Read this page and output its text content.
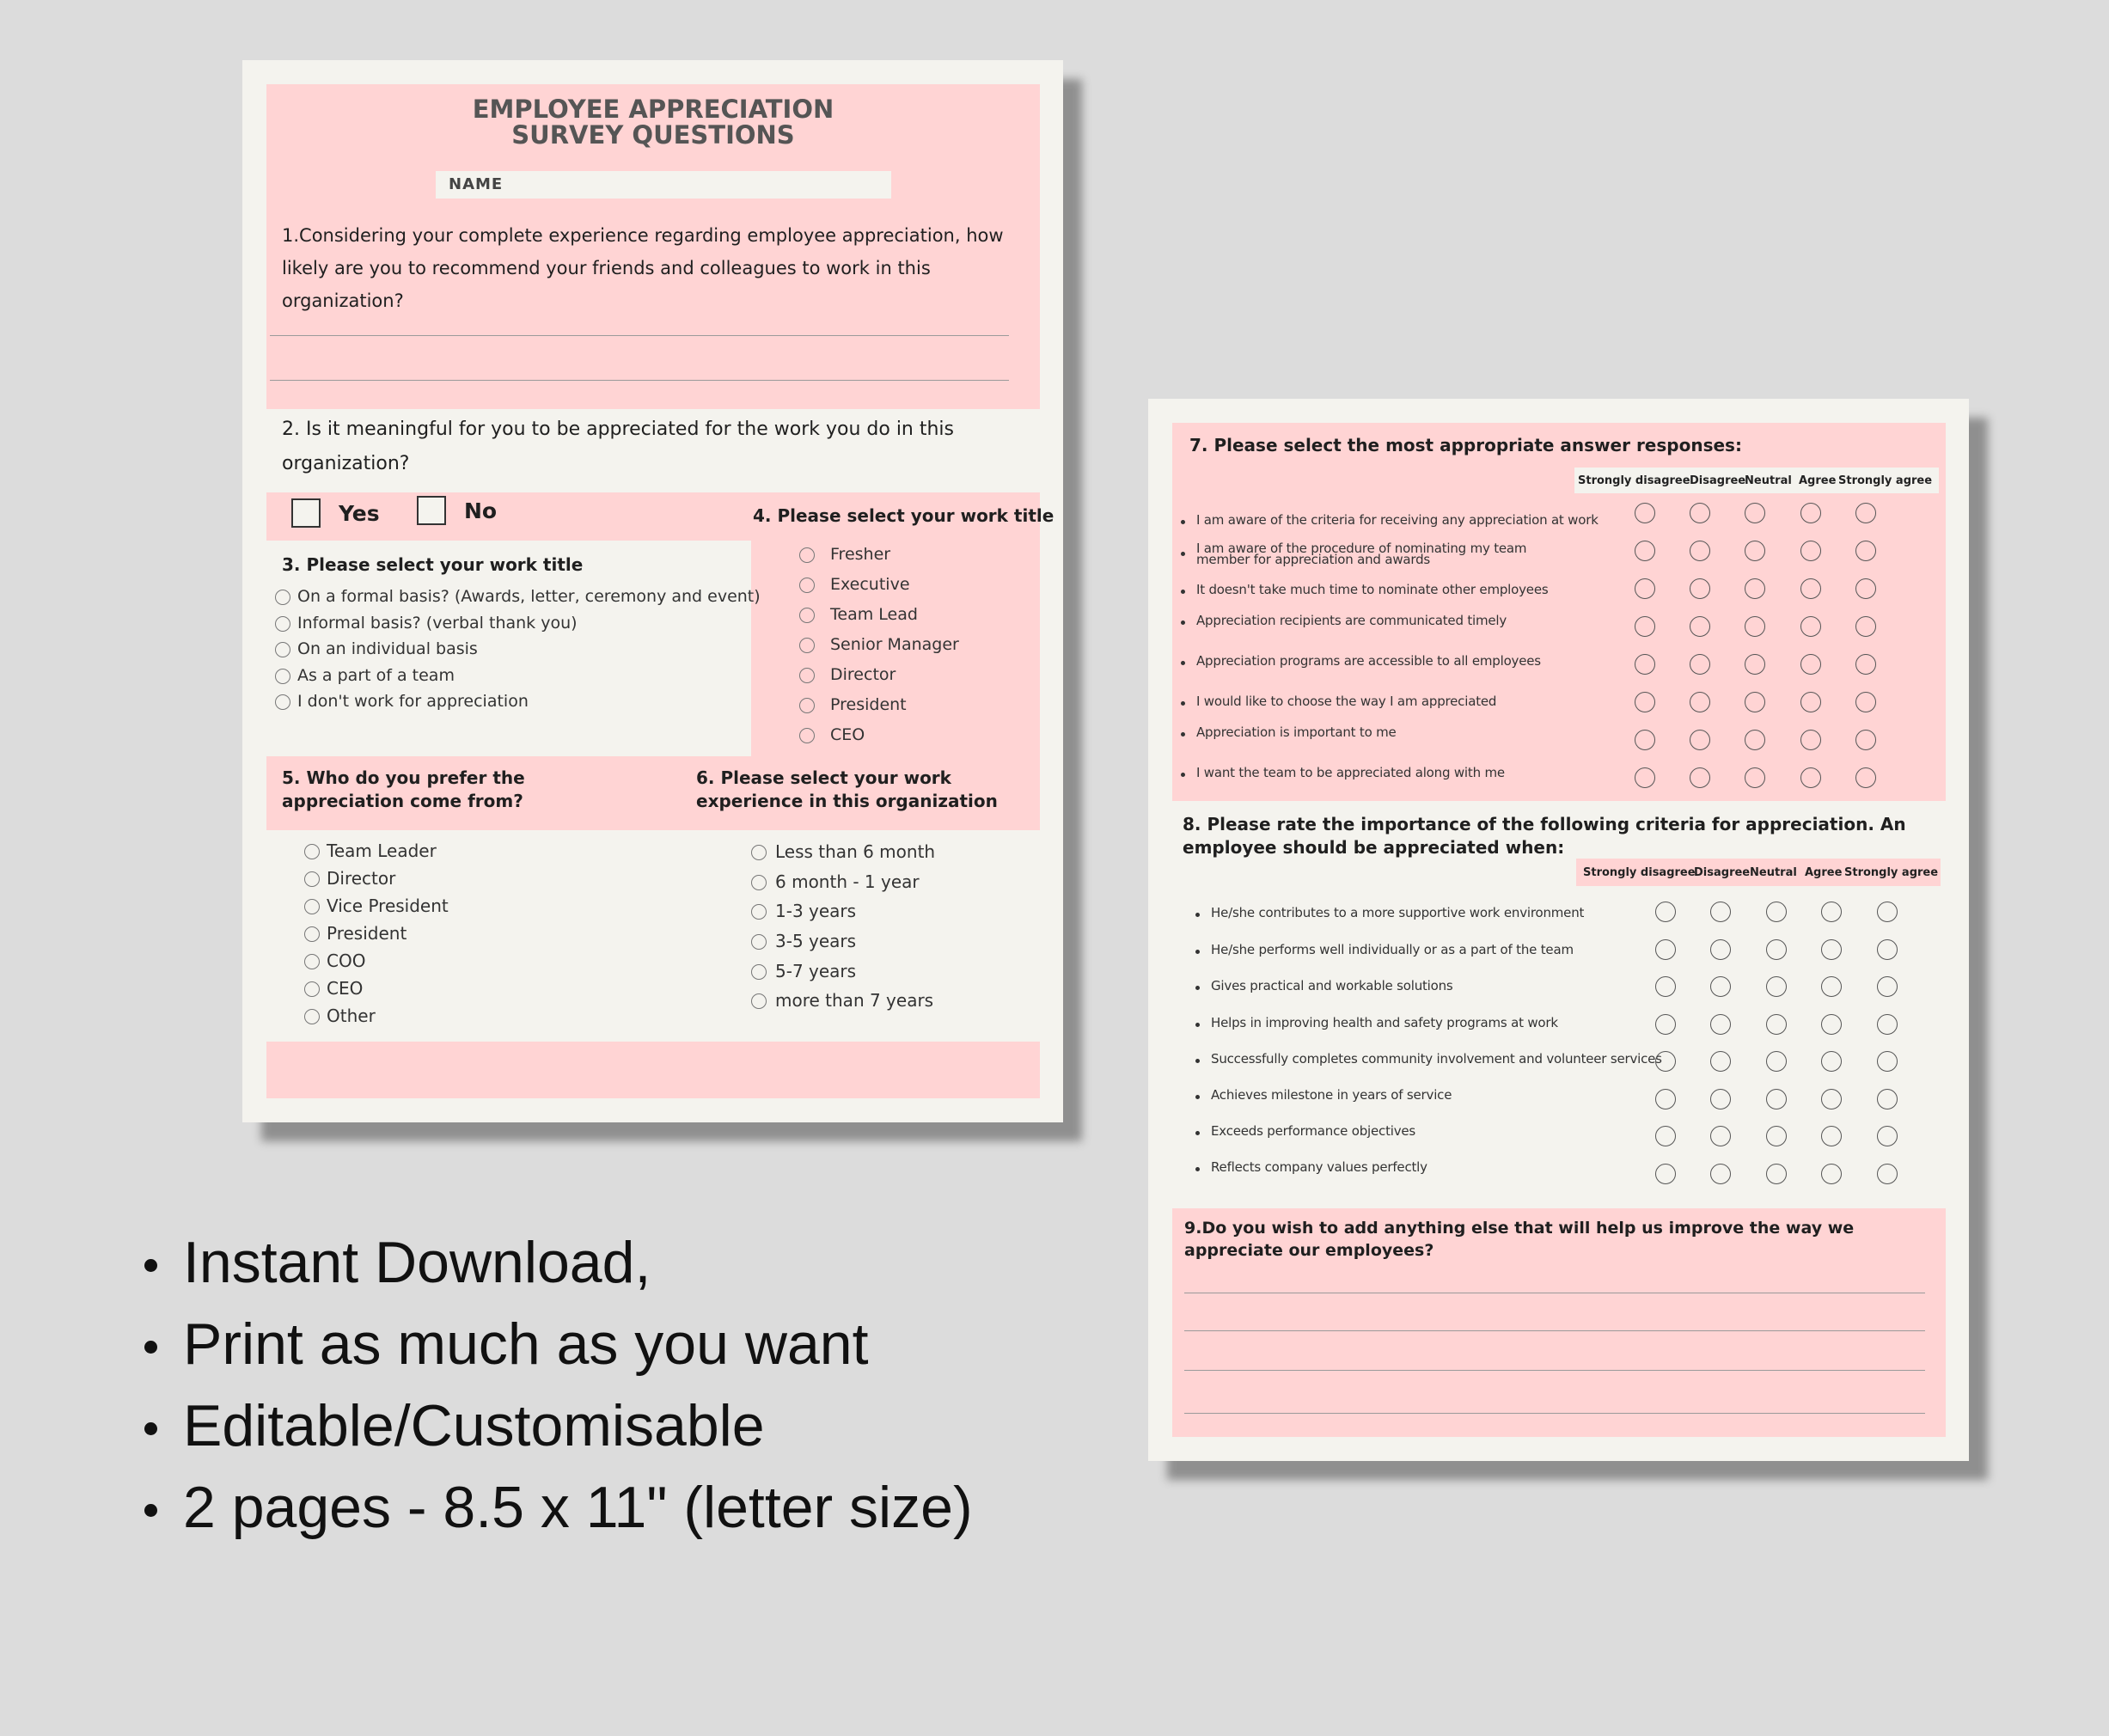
EMPLOYEE APPRECIATION
SURVEY QUESTIONS
NAME
1.Considering your complete experience regarding employee appreciation, how likely are you to recommend your friends and colleagues to work in this organization?
2. Is it meaningful for you to be appreciated for the work you do in this organization?
Yes	No	4. Please select your work title
Fresher
Executive
Team Lead
Senior Manager
Director
President
CEO
3. Please select your work title
On a formal basis? (Awards, letter, ceremony and event)
Informal basis? (verbal thank you)
On an individual basis
As a part of a team
I don't work for appreciation
5. Who do you prefer the appreciation come from?
6. Please select your work experience in this organization
Team Leader
Director
Vice President
President
COO
CEO
Other
Less than 6 month
6 month - 1 year
1-3 years
3-5 years
5-7 years
more than 7 years
7. Please select the most appropriate answer responses:
Strongly disagree Disagree
Neutral Agree Strongly agree
I am aware of the criteria for receiving any appreciation at work
I am aware of the procedure of nominating my team member for appreciation and awards
It doesn't take much time to nominate other employees
Appreciation recipients are communicated timely
Appreciation programs are accessible to all employees
I would like to choose the way I am appreciated
Appreciation is important to me
I want the team to be appreciated along with me
8. Please rate the importance of the following criteria for appreciation. An employee should be appreciated when:
Strongly disagree
Disagree Neutral Agree Strongly agree
He/she contributes to a more supportive work environment
He/she performs well individually or as a part of the team
Gives practical and workable solutions
Helps in improving health and safety programs at work
Successfully completes community involvement and volunteer services
Achieves milestone in years of service
Exceeds performance objectives
Reflects company values perfectly
9.Do you wish to add anything else that will help us improve the way we appreciate our employees?
Instant Download,
Print as much as you want
Editable/Customisable
2 pages - 8.5 x 11" (letter size)
